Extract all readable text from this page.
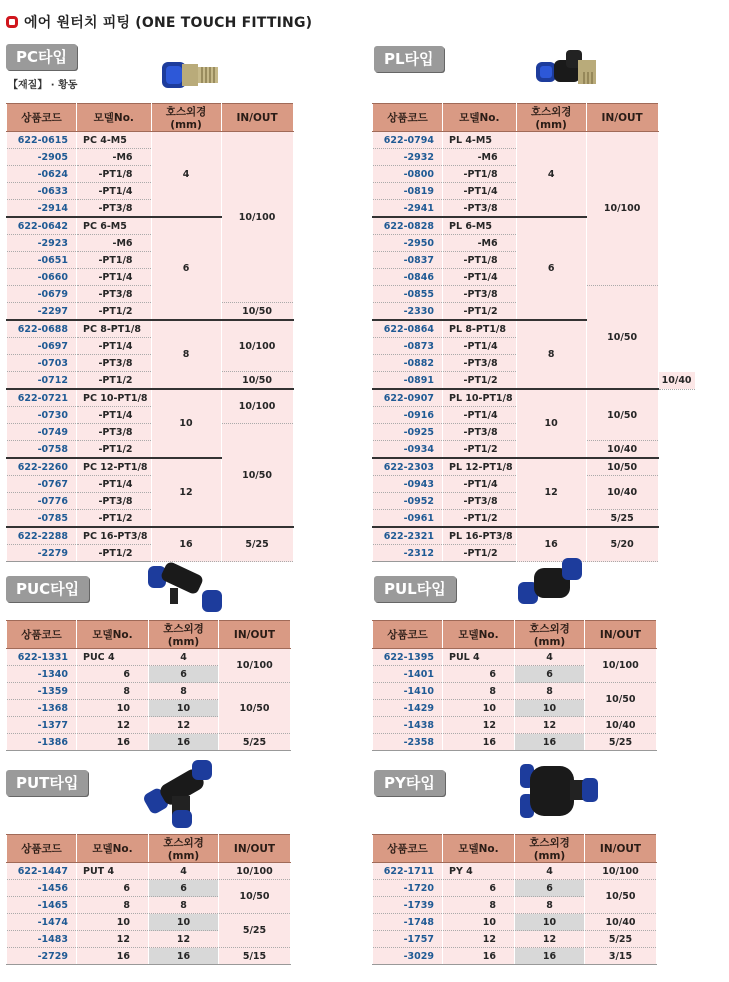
에어 원터치 피팅 (ONE TOUCH FITTING)
PC타입
【재질】 · 황동
PL타입
상품코드	모델No.	호스외경(mm)	IN/OUT
622-0615	PC 4-M5	4	10/100
-2905	-M6		
-0624	-PT1/8		
-0633	-PT1/4		
-2914	-PT3/8		
622-0642	PC 6-M5	6	
-2923	-M6		
-0651	-PT1/8		
-0660	-PT1/4		
-0679	-PT3/8		
-2297	-PT1/2		10/50
622-0688	PC 8-PT1/8	8	10/100
-0697	-PT1/4		
-0703	-PT3/8		
-0712	-PT1/2		10/50
622-0721	PC 10-PT1/8	10	10/100
-0730	-PT1/4		
-0749	-PT3/8		10/50
-0758	-PT1/2		
622-2260	PC 12-PT1/8	12	
-0767	-PT1/4		
-0776	-PT3/8		
-0785	-PT1/2		
622-2288	PC 16-PT3/8	16	5/25
-2279	-PT1/2		
상품코드	모델No.	호스외경(mm)	IN/OUT	
622-0794	PL 4-M5	4	10/100	
-2932	-M6			
-0800	-PT1/8			
-0819	-PT1/4			
-2941	-PT3/8			
622-0828	PL 6-M5	6		
-2950	-M6			
-0837	-PT1/8			
-0846	-PT1/4			
-0855	-PT3/8		10/50	
-2330	-PT1/2			
622-0864	PL 8-PT1/8	8		
-0873	-PT1/4			
-0882	-PT3/8			
-0891	-PT1/2			10/40
622-0907	PL 10-PT1/8	10	10/50	
-0916	-PT1/4			
-0925	-PT3/8			
-0934	-PT1/2		10/40	
622-2303	PL 12-PT1/8	12	10/50	
-0943	-PT1/4		10/40	
-0952	-PT3/8			
-0961	-PT1/2		5/25	
622-2321	PL 16-PT3/8	16	5/20	
-2312	-PT1/2			
PUC타입
상품코드	모델No.	호스외경(mm)	IN/OUT
622-1331	PUC 4	4	10/100
-1340	6	6	
-1359	8	8	10/50
-1368	10	10	
-1377	12	12	
-1386	16	16	5/25
PUL타입
상품코드	모델No.	호스외경(mm)	IN/OUT
622-1395	PUL 4	4	10/100
-1401	6	6	
-1410	8	8	10/50
-1429	10	10	
-1438	12	12	10/40
-2358	16	16	5/25
PUT타입
상품코드	모델No.	호스외경(mm)	IN/OUT
622-1447	PUT 4	4	10/100
-1456	6	6	10/50
-1465	8	8	
-1474	10	10	5/25
-1483	12	12	
-2729	16	16	5/15
PY타입
상품코드	모델No.	호스외경(mm)	IN/OUT
622-1711	PY 4	4	10/100
-1720	6	6	10/50
-1739	8	8	
-1748	10	10	10/40
-1757	12	12	5/25
-3029	16	16	3/15
